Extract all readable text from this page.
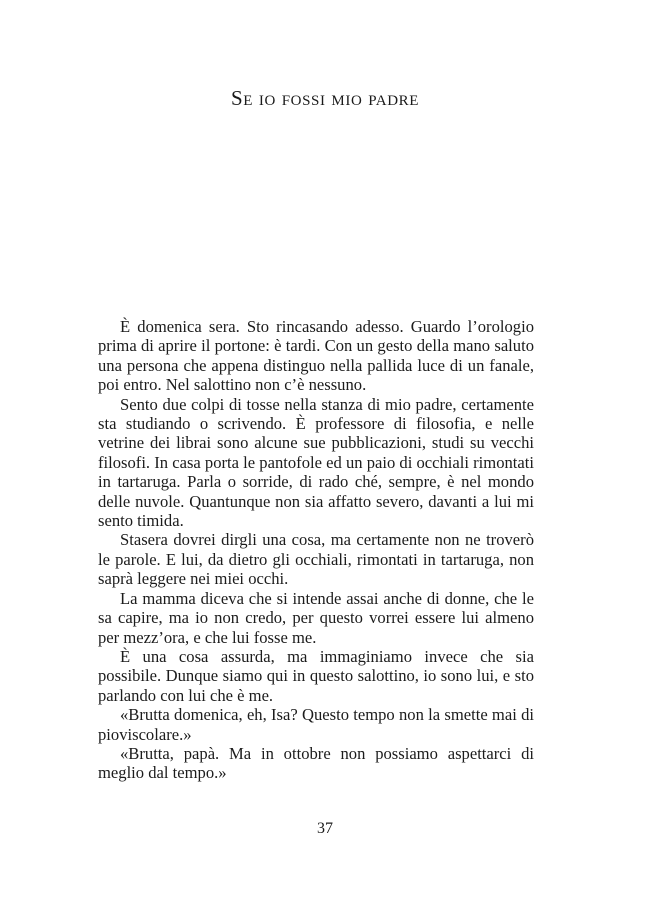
Se io fossi mio padre

È domenica sera. Sto rincasando adesso. Guardo l’orologio prima di aprire il portone: è tardi. Con un gesto della mano saluto una persona che appena distinguo nella pallida luce di un fanale, poi entro. Nel salottino non c’è nessuno.

Sento due colpi di tosse nella stanza di mio padre, certamente sta studiando o scrivendo. È professore di filosofia, e nelle vetrine dei librai sono alcune sue pubblicazioni, studi su vecchi filosofi. In casa porta le pantofole ed un paio di occhiali rimontati in tartaruga. Parla o sorride, di rado ché, sempre, è nel mondo delle nuvole. Quantunque non sia affatto severo, davanti a lui mi sento timida.

Stasera dovrei dirgli una cosa, ma certamente non ne troverò le parole. E lui, da dietro gli occhiali, rimontati in tartaruga, non saprà leggere nei miei occhi.

La mamma diceva che si intende assai anche di donne, che le sa capire, ma io non credo, per questo vorrei essere lui almeno per mezz’ora, e che lui fosse me.

È una cosa assurda, ma immaginiamo invece che sia possibile. Dunque siamo qui in questo salottino, io sono lui, e sto parlando con lui che è me.

«Brutta domenica, eh, Isa? Questo tempo non la smette mai di pioviscolare.»

«Brutta, papà. Ma in ottobre non possiamo aspettarci di meglio dal tempo.»

37
